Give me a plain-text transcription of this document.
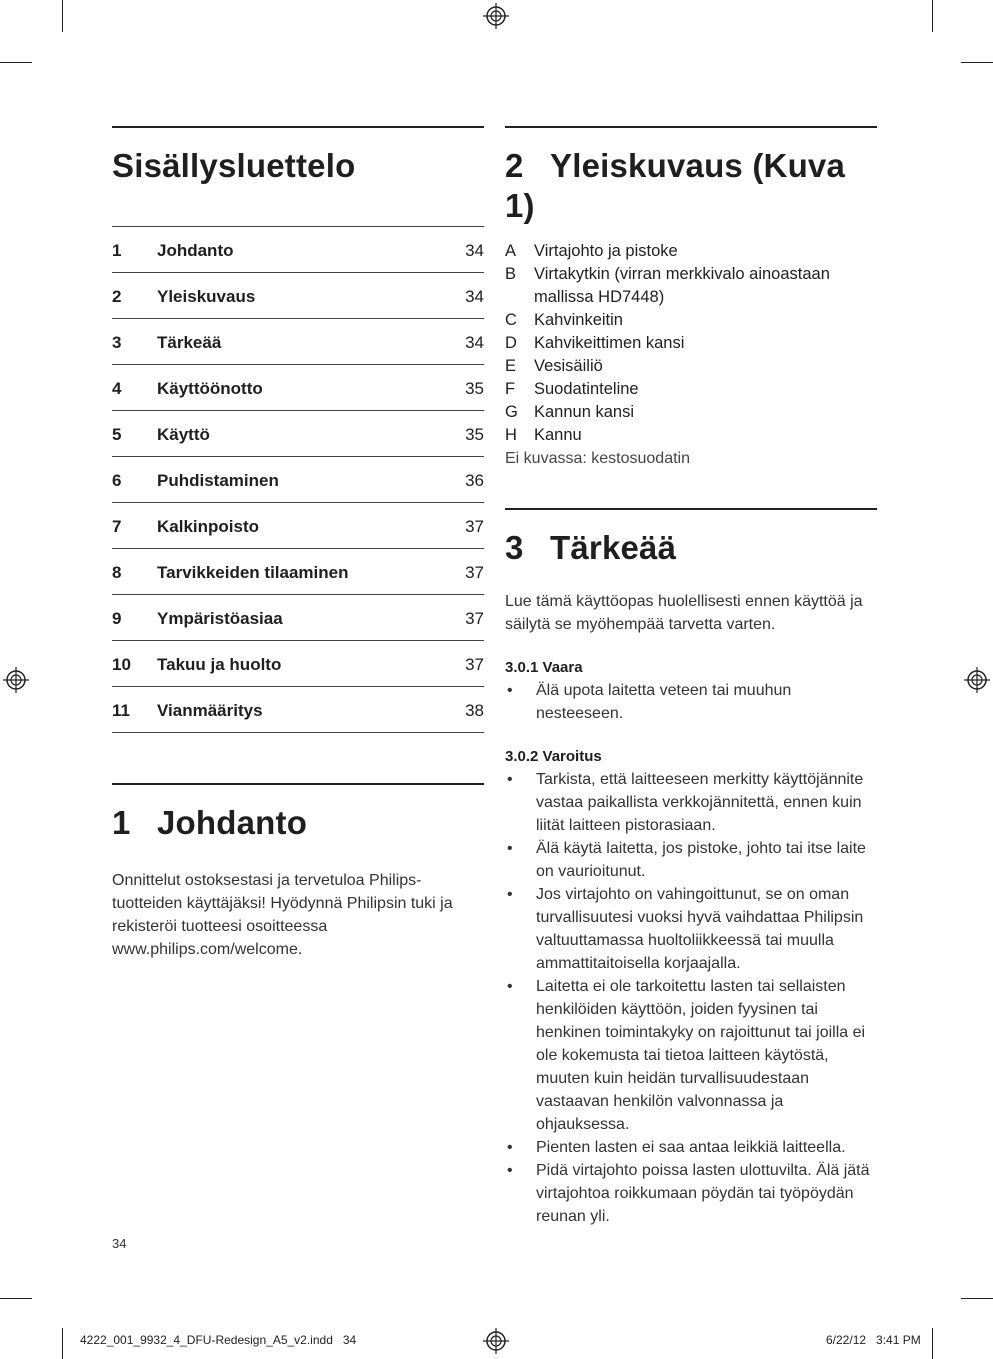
Sisällysluettelo
1 Johdanto	34
2 Yleiskuvaus	34
3 Tärkeää	34
4 Käyttöönotto	35
5 Käyttö	35
6 Puhdistaminen	36
7 Kalkinpoisto	37
8 Tarvikkeiden tilaaminen	37
9 Ympäristöasiaa	37
10 Takuu ja huolto	37
11 Vianmääritys	38
1 Johdanto

Onnittelut ostoksestasi ja tervetuloa Philips-tuotteiden käyttäjäksi! Hyödynnä Philipsin tuki ja rekisteröi tuotteesi osoitteessa www.philips.com/welcome.

2 Yleiskuvaus (Kuva 1)
A	Virtajohto ja pistoke
B	Virtakytkin (virran merkkivalo ainoastaan mallissa HD7448)
C	Kahvinkeitin
D	Kahvikeittimen kansi
E	Vesisäiliö
F	Suodatinteline
G Kannun kansi
H	Kannu
Ei kuvassa: kestosuodatin
3 Tärkeää

Lue tämä käyttöopas huolellisesti ennen käyttöä ja säilytä se myöhempää tarvetta varten.

3.0.1 Vaara
•	Älä upota laitetta veteen tai muuhun nesteeseen.
3.0.2 Varoitus
•	Tarkista, että laitteeseen merkitty käyttöjännite vastaa paikallista verkkojännitettä, ennen kuin liität laitteen pistorasiaan.
•	Älä käytä laitetta, jos pistoke, johto tai itse laite on vaurioitunut.
•	Jos virtajohto on vahingoittunut, se on oman turvallisuutesi vuoksi hyvä vaihdattaa Philipsin valtuuttamassa huoltoliikkeessä tai muulla ammattitaitoisella korjaajalla.
•	Laitetta ei ole tarkoitettu lasten tai sellaisten henkilöiden käyttöön, joiden fyysinen tai henkinen toimintakyky on rajoittunut tai joilla ei ole kokemusta tai tietoa laitteen käytöstä, muuten kuin heidän turvallisuudestaan vastaavan henkilön valvonnassa ja ohjauksessa.
•	Pienten lasten ei saa antaa leikkiä laitteella.
•	Pidä virtajohto poissa lasten ulottuvilta. Älä jätä virtajohtoa roikkumaan pöydän tai työpöydän reunan yli.
34
4222_001_9932_4_DFU-Redesign_A5_v2.indd   34	6/22/12   3:41 PM
